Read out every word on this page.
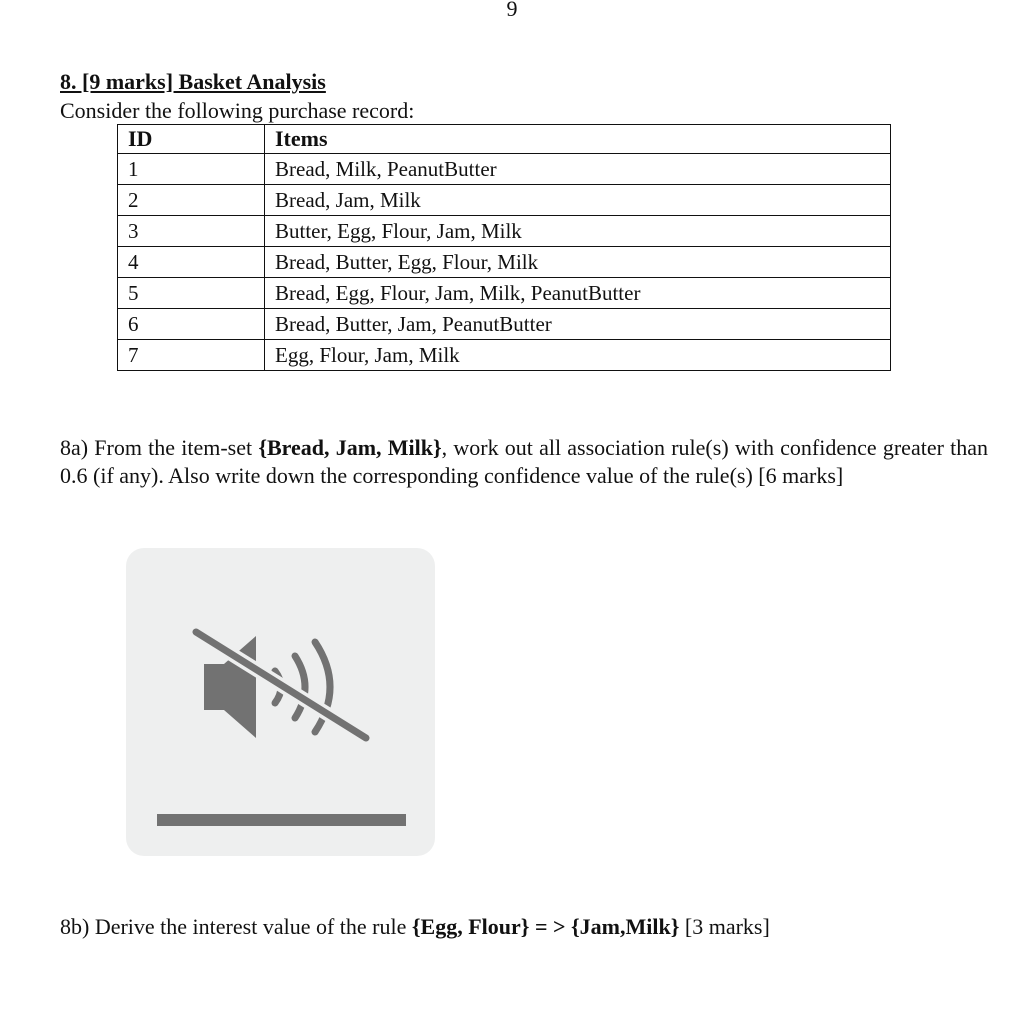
9
8. [9 marks] Basket Analysis
Consider the following purchase record:
ID	Items
1	Bread, Milk, PeanutButter
2	Bread, Jam, Milk
3	Butter, Egg, Flour, Jam, Milk
4	Bread, Butter, Egg, Flour, Milk
5	Bread, Egg, Flour, Jam, Milk, PeanutButter
6	Bread, Butter, Jam, PeanutButter
7	Egg, Flour, Jam, Milk
8a) From the item-set {Bread, Jam, Milk}, work out all association rule(s) with confidence greater than 0.6 (if any). Also write down the corresponding confidence value of the rule(s) [6 marks]
8b) Derive the interest value of the rule {Egg, Flour} = > {Jam,Milk} [3 marks]
